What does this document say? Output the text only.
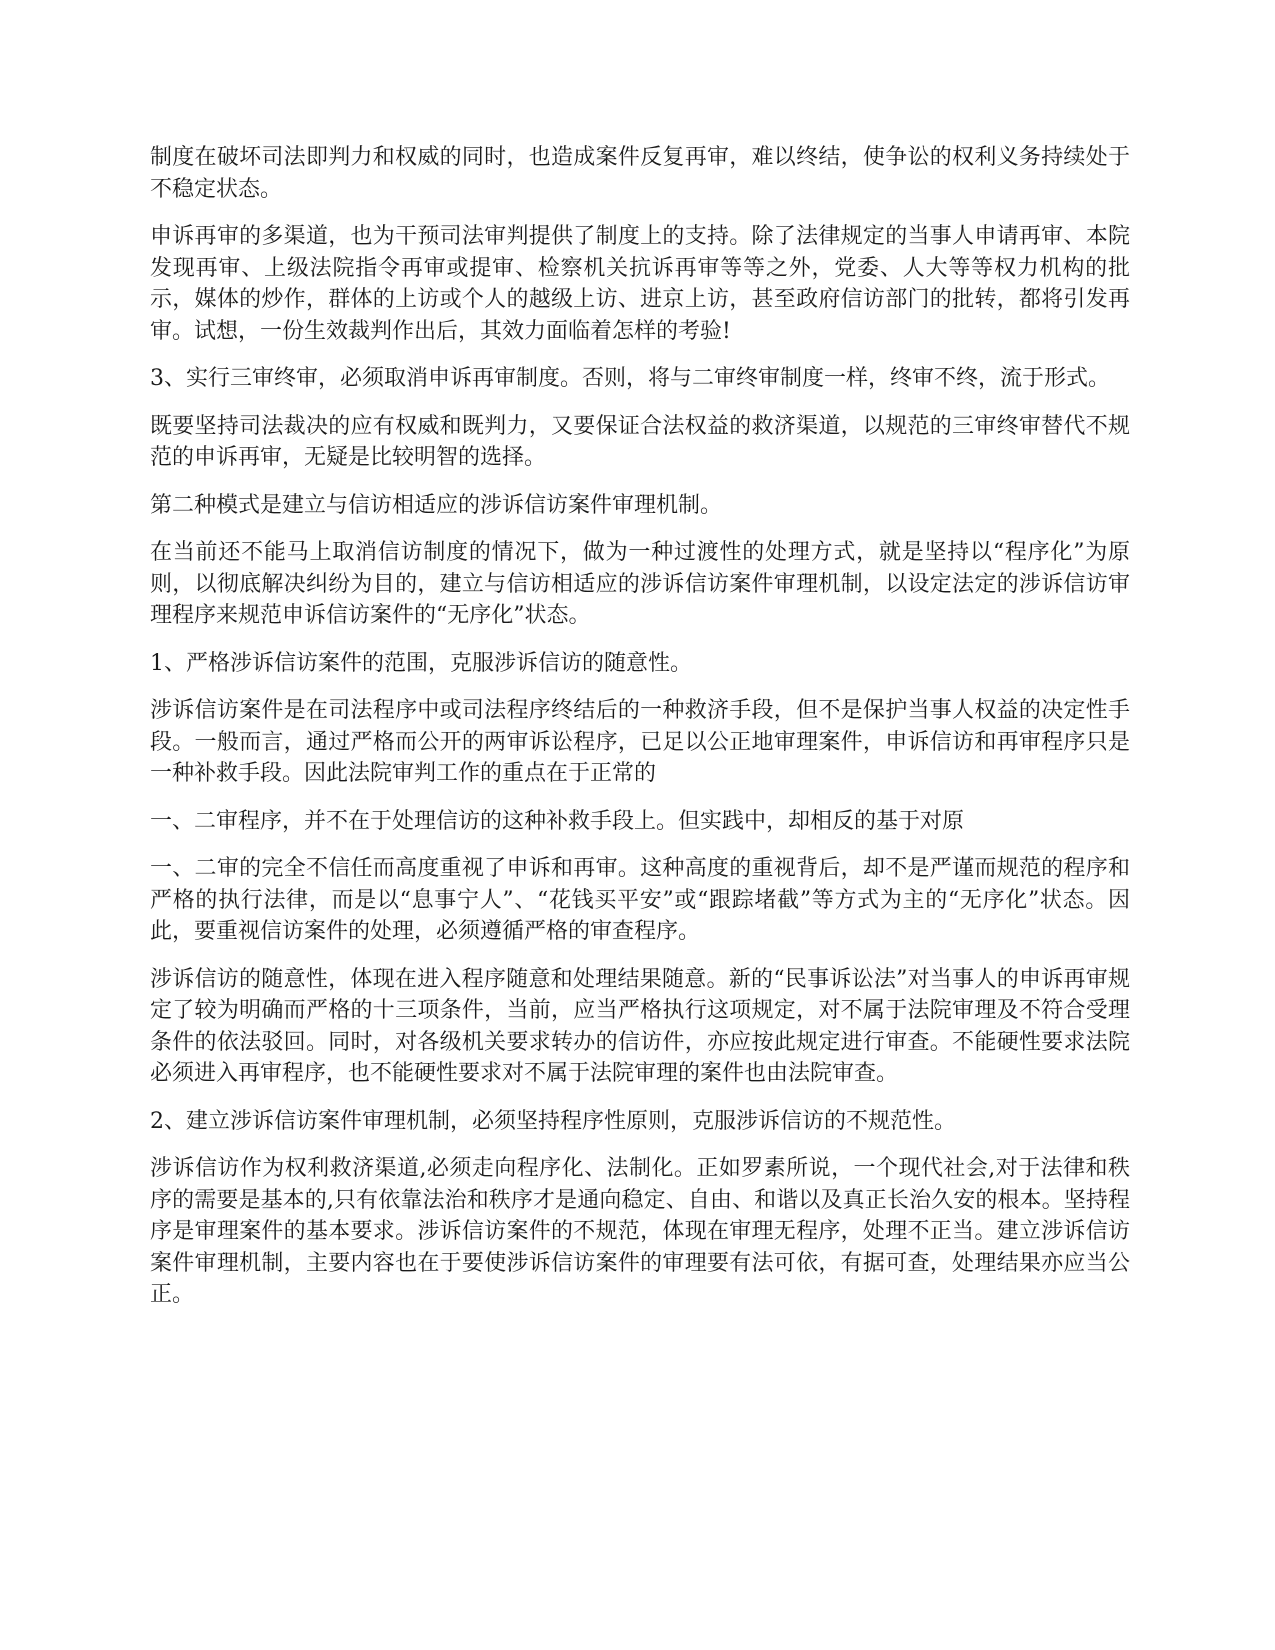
制度在破坏司法即判力和权威的同时，也造成案件反复再审，难以终结，使争讼的权利义务持续处于不稳定状态。

申诉再审的多渠道，也为干预司法审判提供了制度上的支持。除了法律规定的当事人申请再审、本院发现再审、上级法院指令再审或提审、检察机关抗诉再审等等之外，党委、人大等等权力机构的批示，媒体的炒作，群体的上访或个人的越级上访、进京上访，甚至政府信访部门的批转，都将引发再审。试想，一份生效裁判作出后，其效力面临着怎样的考验!

3、实行三审终审，必须取消申诉再审制度。否则，将与二审终审制度一样，终审不终，流于形式。

既要坚持司法裁决的应有权威和既判力，又要保证合法权益的救济渠道，以规范的三审终审替代不规范的申诉再审，无疑是比较明智的选择。

第二种模式是建立与信访相适应的涉诉信访案件审理机制。

在当前还不能马上取消信访制度的情况下，做为一种过渡性的处理方式，就是坚持以“程序化”为原则，以彻底解决纠纷为目的，建立与信访相适应的涉诉信访案件审理机制，以设定法定的涉诉信访审理程序来规范申诉信访案件的“无序化”状态。

1、严格涉诉信访案件的范围，克服涉诉信访的随意性。

涉诉信访案件是在司法程序中或司法程序终结后的一种救济手段，但不是保护当事人权益的决定性手段。一般而言，通过严格而公开的两审诉讼程序，已足以公正地审理案件，申诉信访和再审程序只是一种补救手段。因此法院审判工作的重点在于正常的

一、二审程序，并不在于处理信访的这种补救手段上。但实践中，却相反的基于对原

一、二审的完全不信任而高度重视了申诉和再审。这种高度的重视背后，却不是严谨而规范的程序和严格的执行法律，而是以“息事宁人”、“花钱买平安”或“跟踪堵截”等方式为主的“无序化”状态。因此，要重视信访案件的处理，必须遵循严格的审查程序。

涉诉信访的随意性，体现在进入程序随意和处理结果随意。新的“民事诉讼法”对当事人的申诉再审规定了较为明确而严格的十三项条件，当前，应当严格执行这项规定，对不属于法院审理及不符合受理条件的依法驳回。同时，对各级机关要求转办的信访件，亦应按此规定进行审查。不能硬性要求法院必须进入再审程序，也不能硬性要求对不属于法院审理的案件也由法院审查。

2、建立涉诉信访案件审理机制，必须坚持程序性原则，克服涉诉信访的不规范性。

涉诉信访作为权利救济渠道,必须走向程序化、法制化。正如罗素所说，一个现代社会,对于法律和秩序的需要是基本的,只有依靠法治和秩序才是通向稳定、自由、和谐以及真正长治久安的根本。坚持程序是审理案件的基本要求。涉诉信访案件的不规范，体现在审理无程序，处理不正当。建立涉诉信访案件审理机制，主要内容也在于要使涉诉信访案件的审理要有法可依，有据可查，处理结果亦应当公正。
